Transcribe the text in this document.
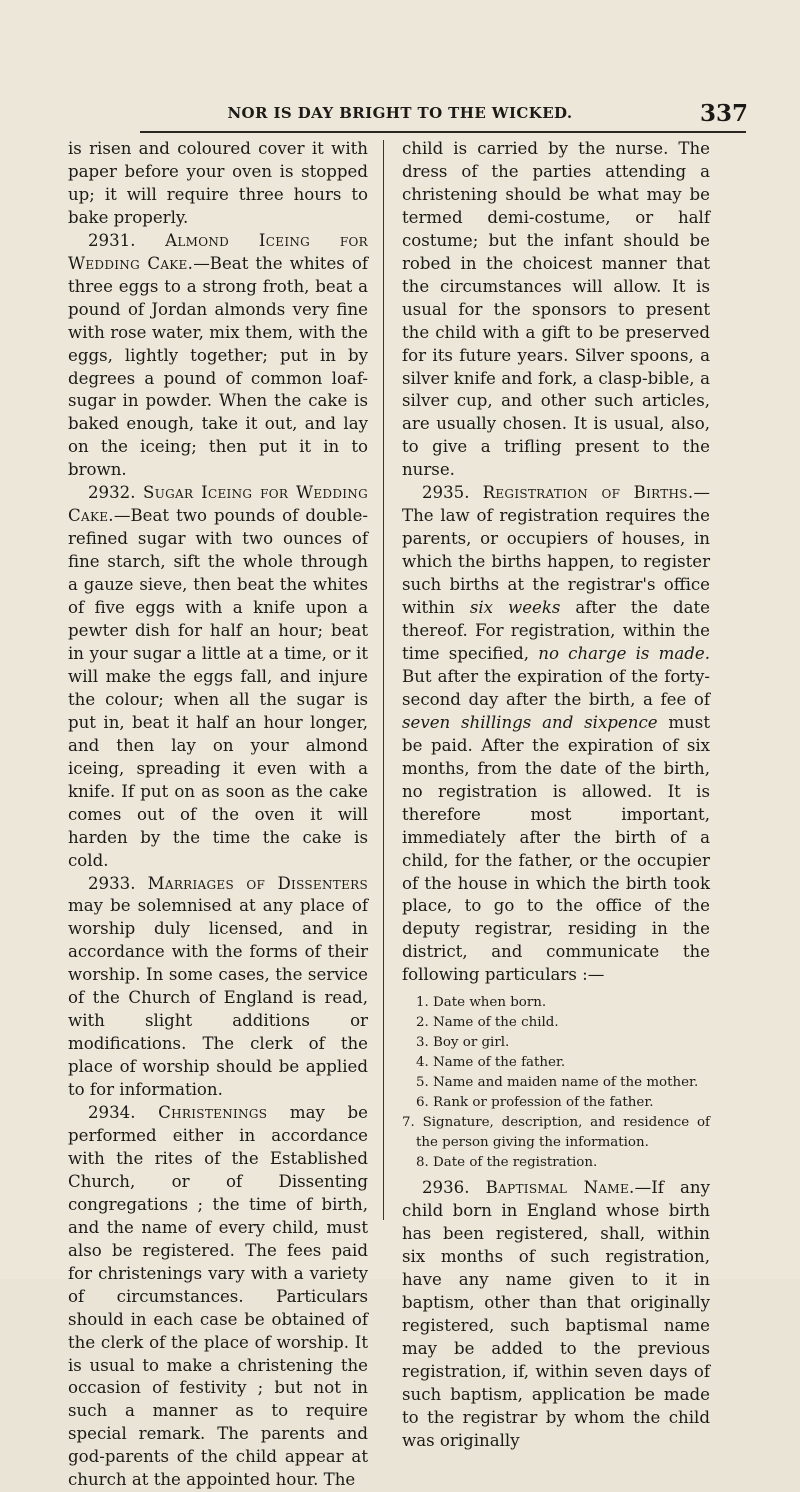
NOR IS DAY BRIGHT TO THE WICKED.	337

is risen and coloured cover it with paper before your oven is stopped up; it will require three hours to bake properly.

2931. Almond Iceing for Wedding Cake.—Beat the whites of three eggs to a strong froth, beat a pound of Jordan almonds very fine with rose water, mix them, with the eggs, lightly together; put in by degrees a pound of common loaf-sugar in powder. When the cake is baked enough, take it out, and lay on the iceing; then put it in to brown.

2932. Sugar Iceing for Wedding Cake.—Beat two pounds of double-refined sugar with two ounces of fine starch, sift the whole through a gauze sieve, then beat the whites of five eggs with a knife upon a pewter dish for half an hour; beat in your sugar a little at a time, or it will make the eggs fall, and injure the colour; when all the sugar is put in, beat it half an hour longer, and then lay on your almond iceing, spreading it even with a knife. If put on as soon as the cake comes out of the oven it will harden by the time the cake is cold.

2933. Marriages of Dissenters may be solemnised at any place of worship duly licensed, and in accordance with the forms of their worship. In some cases, the service of the Church of England is read, with slight additions or modifications. The clerk of the place of worship should be applied to for information.

2934. Christenings may be performed either in accordance with the rites of the Established Church, or of Dissenting congregations ; the time of birth, and the name of every child, must also be registered. The fees paid for christenings vary with a variety of circumstances. Particulars should in each case be obtained of the clerk of the place of worship. It is usual to make a christening the occasion of festivity ; but not in such a manner as to require special remark. The parents and god-parents of the child appear at church at the appointed hour. The

child is carried by the nurse. The dress of the parties attending a christening should be what may be termed demi-costume, or half costume; but the infant should be robed in the choicest manner that the circumstances will allow. It is usual for the sponsors to present the child with a gift to be preserved for its future years. Silver spoons, a silver knife and fork, a clasp-bible, a silver cup, and other such articles, are usually chosen. It is usual, also, to give a trifling present to the nurse.

2935. Registration of Births.—The law of registration requires the parents, or occupiers of houses, in which the births happen, to register such births at the registrar's office within six weeks after the date thereof. For registration, within the time specified, no charge is made. But after the expiration of the forty-second day after the birth, a fee of seven shillings and sixpence must be paid. After the expiration of six months, from the date of the birth, no registration is allowed. It is therefore most important, immediately after the birth of a child, for the father, or the occupier of the house in which the birth took place, to go to the office of the deputy registrar, residing in the district, and communicate the following particulars :—

1. Date when born.
2. Name of the child.
3. Boy or girl.
4. Name of the father.
5. Name and maiden name of the mother.
6. Rank or profession of the father.
7. Signature, description, and residence of the person giving the information.
8. Date of the registration.

2936. Baptismal Name.—If any child born in England whose birth has been registered, shall, within six months of such registration, have any name given to it in baptism, other than that originally registered, such baptismal name may be added to the previous registration, if, within seven days of such baptism, application be made to the registrar by whom the child was originally
